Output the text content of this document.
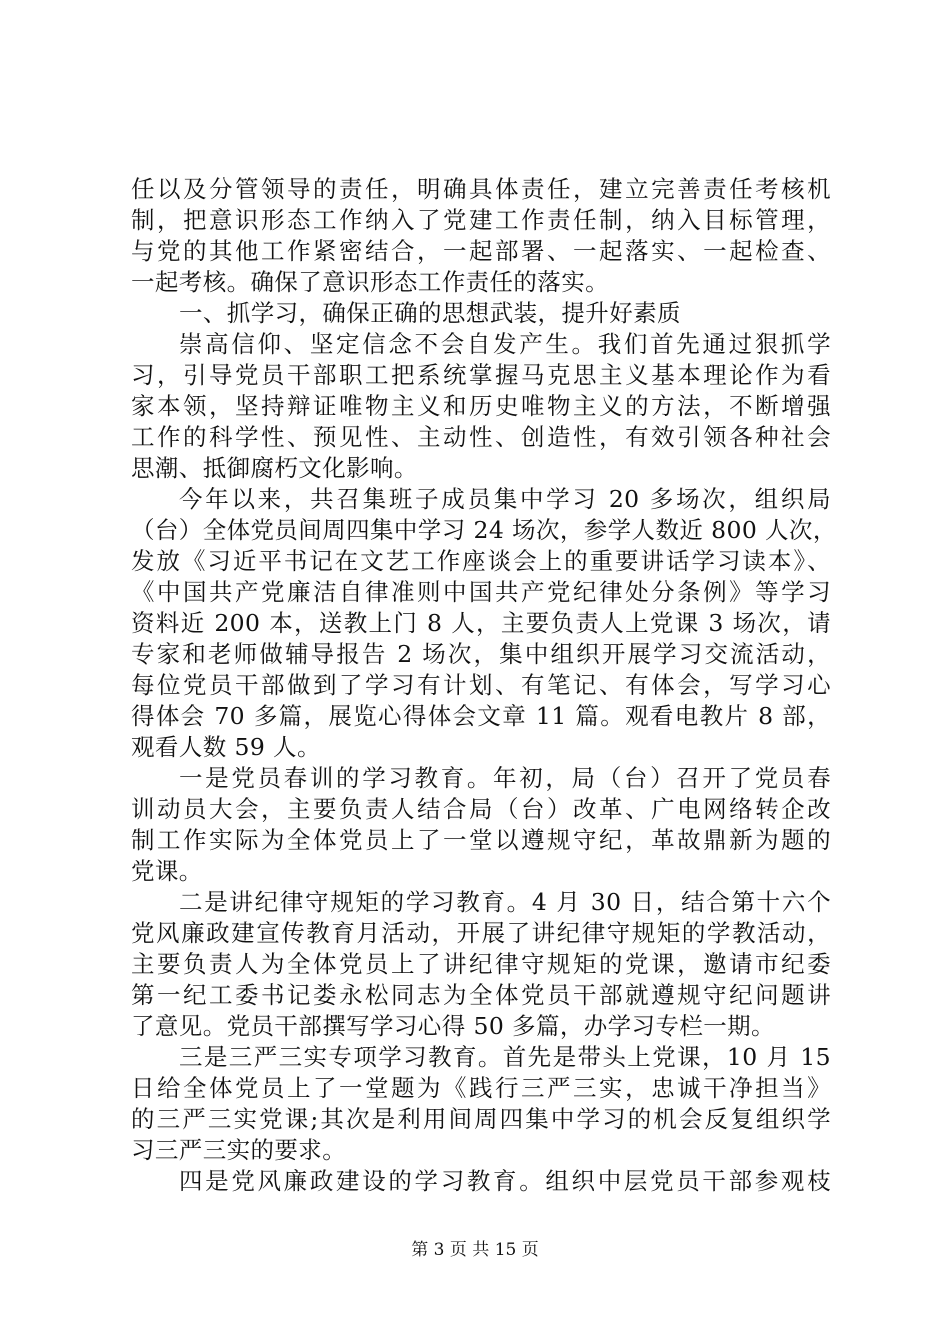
任以及分管领导的责任，明确具体责任，建立完善责任考核机
制，把意识形态工作纳入了党建工作责任制，纳入目标管理，
与党的其他工作紧密结合，一起部署、一起落实、一起检查、
一起考核。确保了意识形态工作责任的落实。
一、抓学习，确保正确的思想武装，提升好素质
崇高信仰、坚定信念不会自发产生。我们首先通过狠抓学
习，引导党员干部职工把系统掌握马克思主义基本理论作为看
家本领，坚持辩证唯物主义和历史唯物主义的方法，不断增强
工作的科学性、预见性、主动性、创造性，有效引领各种社会
思潮、抵御腐朽文化影响。
今年以来，共召集班子成员集中学习 20 多场次，组织局
（台）全体党员间周四集中学习 24 场次，参学人数近 800 人次，
发放《习近平书记在文艺工作座谈会上的重要讲话学习读本》、
《中国共产党廉洁自律准则中国共产党纪律处分条例》等学习
资料近 200 本，送教上门 8 人，主要负责人上党课 3 场次，请
专家和老师做辅导报告 2 场次，集中组织开展学习交流活动，
每位党员干部做到了学习有计划、有笔记、有体会，写学习心
得体会 70 多篇，展览心得体会文章 11 篇。观看电教片 8 部，
观看人数 59 人。
一是党员春训的学习教育。年初，局（台）召开了党员春
训动员大会，主要负责人结合局（台）改革、广电网络转企改
制工作实际为全体党员上了一堂以遵规守纪，革故鼎新为题的
党课。
二是讲纪律守规矩的学习教育。4 月 30 日，结合第十六个
党风廉政建宣传教育月活动，开展了讲纪律守规矩的学教活动，
主要负责人为全体党员上了讲纪律守规矩的党课，邀请市纪委
第一纪工委书记娄永松同志为全体党员干部就遵规守纪问题讲
了意见。党员干部撰写学习心得 50 多篇，办学习专栏一期。
三是三严三实专项学习教育。首先是带头上党课，10 月 15
日给全体党员上了一堂题为《践行三严三实，忠诚干净担当》
的三严三实党课;其次是利用间周四集中学习的机会反复组织学
习三严三实的要求。
四是党风廉政建设的学习教育。组织中层党员干部参观枝
第 3 页 共 15 页
